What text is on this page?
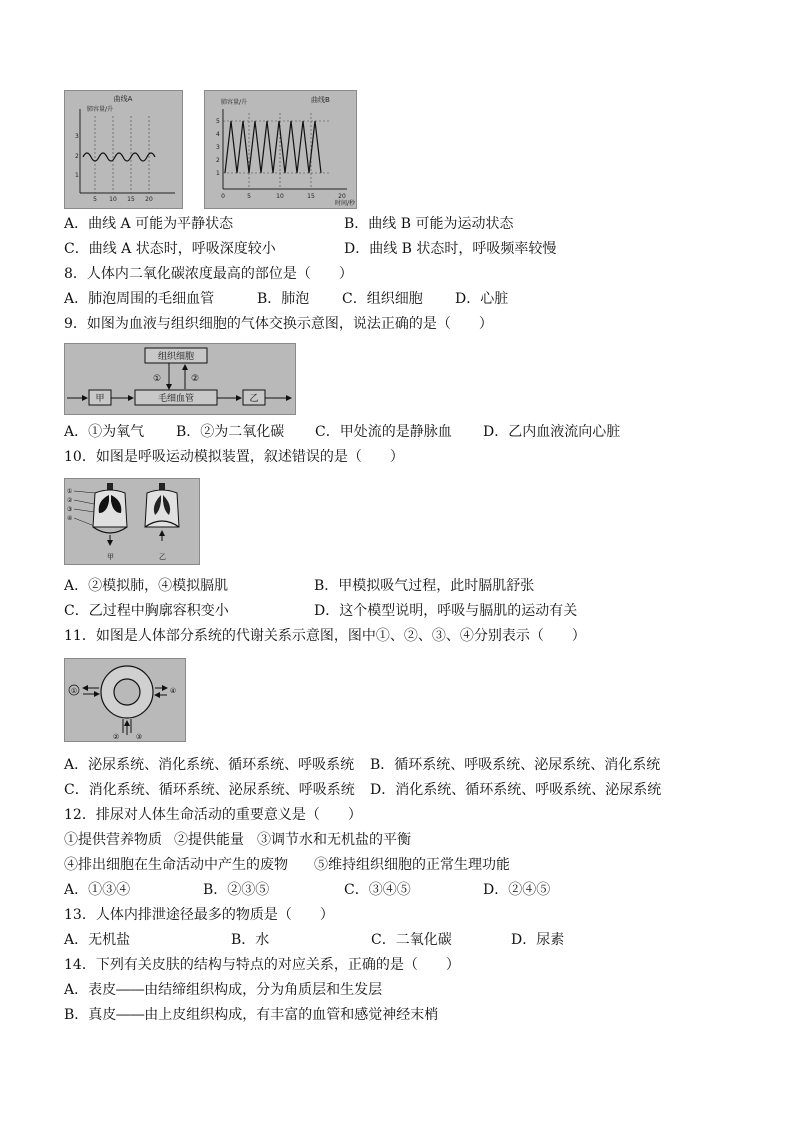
曲线A
肺容量/升
3
2
1
5 10 15 20
肺容量/升	曲线B
5
4
3
2
1
0	5	10	15	20
时间/秒
A．曲线 A 可能为平静状态	B．曲线 B 可能为运动状态
C．曲线 A 状态时，呼吸深度较小	D．曲线 B 状态时，呼吸频率较慢
8．人体内二氧化碳浓度最高的部位是（　　）
A．肺泡周围的毛细血管	B．肺泡 C．组织细胞 D．心脏
9．如图为血液与组织细胞的气体交换示意图，说法正确的是（　　）
组织细胞
①	②
毛细血管
甲	乙
A．①为氧气 B．②为二氧化碳 C．甲处流的是静脉血 D．乙内血液流向心脏
10．如图是呼吸运动模拟装置，叙述错误的是（　　）
①
②
③
④
甲	乙
A．②模拟肺，④模拟膈肌	B．甲模拟吸气过程，此时膈肌舒张
C．乙过程中胸廓容积变小	D．这个模型说明，呼吸与膈肌的运动有关
11．如图是人体部分系统的代谢关系示意图，图中①、②、③、④分别表示（　　）
①	④
② ③
A．泌尿系统、消化系统、循环系统、呼吸系统 B．循环系统、呼吸系统、泌尿系统、消化系统
C．消化系统、循环系统、泌尿系统、呼吸系统 D．消化系统、循环系统、呼吸系统、泌尿系统
12．排尿对人体生命活动的重要意义是（　　）
①提供营养物质 ②提供能量 ③调节水和无机盐的平衡
④排出细胞在生命活动中产生的废物 ⑤维持组织细胞的正常生理功能
A．①③④	B．②③⑤	C．③④⑤	D．②④⑤
13．人体内排泄途径最多的物质是（　　）
A．无机盐	B．水	C．二氧化碳	D．尿素
14．下列有关皮肤的结构与特点的对应关系，正确的是（　　）
A．表皮――由结缔组织构成，分为角质层和生发层
B．真皮――由上皮组织构成，有丰富的血管和感觉神经末梢
